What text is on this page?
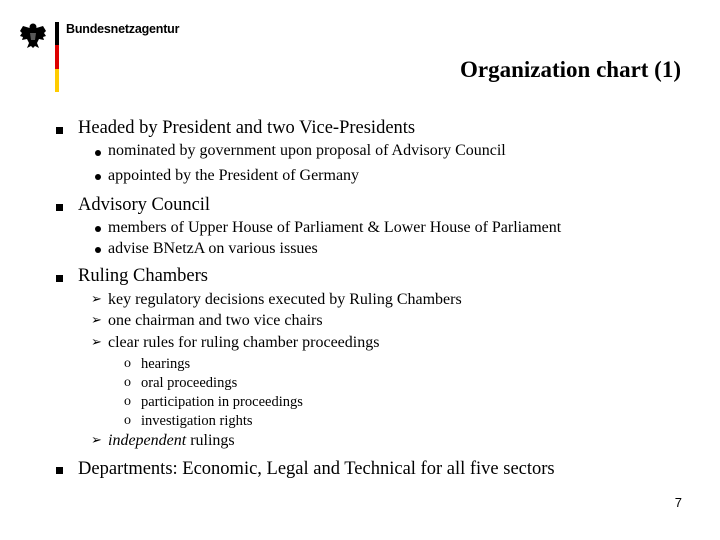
Bundesnetzagentur
Organization chart (1)
Headed by President and two Vice-Presidents
nominated by government upon proposal of Advisory Council
appointed by the President of Germany
Advisory Council
members of Upper House of Parliament & Lower House of Parliament
advise BNetzA on various issues
Ruling Chambers
➢ key regulatory decisions executed by Ruling Chambers
➢ one chairman and two vice chairs
➢ clear rules for ruling chamber proceedings
o hearings
o oral proceedings
o participation in proceedings
o investigation rights
➢ independent rulings
Departments: Economic, Legal and Technical for all five sectors
7
